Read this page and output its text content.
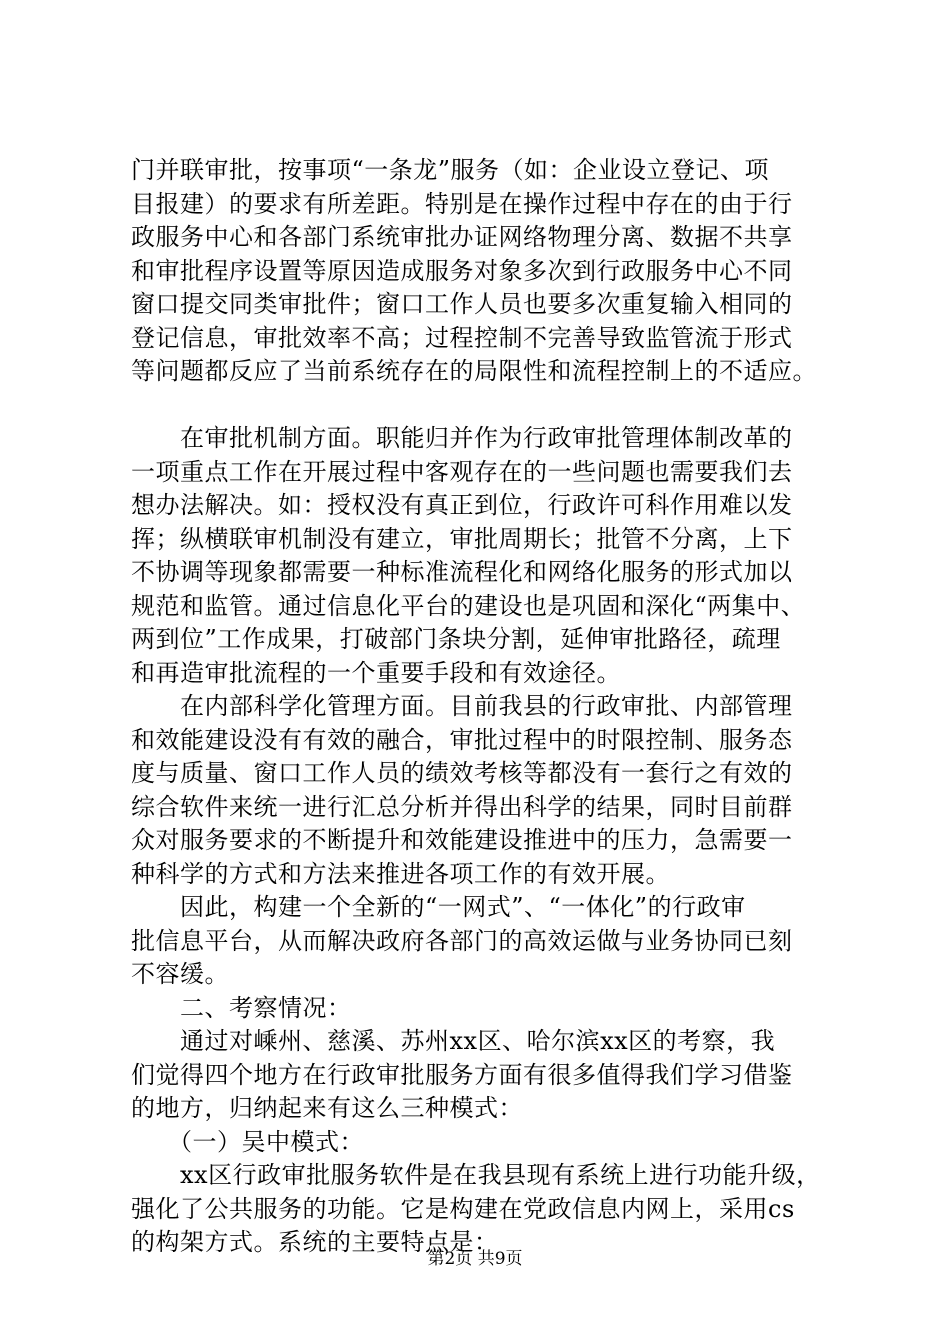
门并联审批，按事项“一条龙”服务（如：企业设立登记、项
目报建）的要求有所差距。特别是在操作过程中存在的由于行
政服务中心和各部门系统审批办证网络物理分离、数据不共享
和审批程序设置等原因造成服务对象多次到行政服务中心不同
窗口提交同类审批件；窗口工作人员也要多次重复输入相同的
登记信息，审批效率不高；过程控制不完善导致监管流于形式
等问题都反应了当前系统存在的局限性和流程控制上的不适应。
　　在审批机制方面。职能归并作为行政审批管理体制改革的
一项重点工作在开展过程中客观存在的一些问题也需要我们去
想办法解决。如：授权没有真正到位，行政许可科作用难以发
挥；纵横联审机制没有建立，审批周期长；批管不分离，上下
不协调等现象都需要一种标准流程化和网络化服务的形式加以
规范和监管。通过信息化平台的建设也是巩固和深化“两集中、
两到位”工作成果，打破部门条块分割，延伸审批路径，疏理
和再造审批流程的一个重要手段和有效途径。
　　在内部科学化管理方面。目前我县的行政审批、内部管理
和效能建设没有有效的融合，审批过程中的时限控制、服务态
度与质量、窗口工作人员的绩效考核等都没有一套行之有效的
综合软件来统一进行汇总分析并得出科学的结果，同时目前群
众对服务要求的不断提升和效能建设推进中的压力，急需要一
种科学的方式和方法来推进各项工作的有效开展。
　　因此，构建一个全新的“一网式”、“一体化”的行政审
批信息平台，从而解决政府各部门的高效运做与业务协同已刻
不容缓。
　　二、考察情况：
　　通过对嵊州、慈溪、苏州xx区、哈尔滨xx区的考察，我
们觉得四个地方在行政审批服务方面有很多值得我们学习借鉴
的地方，归纳起来有这么三种模式：
　　（一）吴中模式：
　　xx区行政审批服务软件是在我县现有系统上进行功能升级，
强化了公共服务的功能。它是构建在党政信息内网上，采用cs
的构架方式。系统的主要特点是：
第2页 共9页
